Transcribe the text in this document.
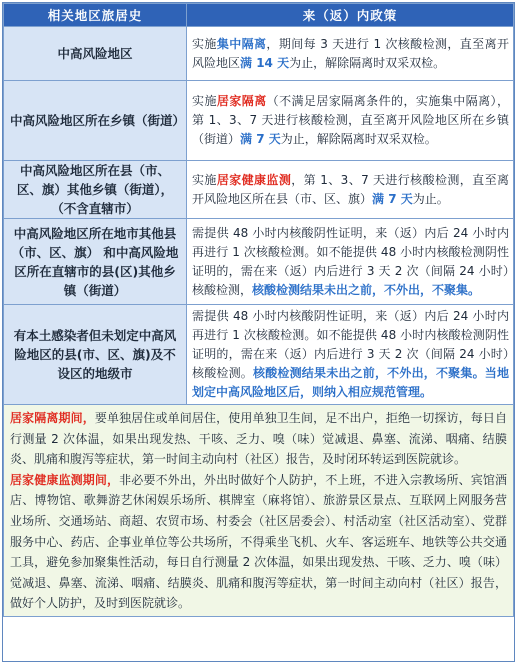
相关地区旅居史	来（返）内政策
中高风险地区	实施集中隔离，期间每 3 天进行 1 次核酸检测，直至离开风险地区满 14 天为止，解除隔离时双采双检。
中高风险地区所在乡镇（街道）	实施居家隔离（不满足居家隔离条件的，实施集中隔离），第 1、3、7 天进行核酸检测，直至离开风险地区所在乡镇（街道）满 7 天为止，解除隔离时双采双检。
中高风险地区所在县（市、区、旗）其他乡镇（街道），（不含直辖市）	实施居家健康监测，第 1、3、7 天进行核酸检测，直至离开风险地区所在县（市、区、旗）满 7 天为止。
中高风险地区所在地市其他县（市、区、旗） 和中高风险地区所在直辖市的县(区)其他乡镇（街道）	需提供 48 小时内核酸阴性证明，来（返）内后 24 小时内再进行 1 次核酸检测。如不能提供 48 小时内核酸检测阴性证明的，需在来（返）内后进行 3 天 2 次（间隔 24 小时）核酸检测，核酸检测结果未出之前，不外出，不聚集。
有本土感染者但未划定中高风险地区的县(市、区、旗)及不设区的地级市	需提供 48 小时内核酸阴性证明，来（返）内后 24 小时内再进行 1 次核酸检测。如不能提供 48 小时内核酸检测阴性证明的，需在来（返）内后进行 3 天 2 次（间隔 24 小时）核酸检测。核酸检测结果未出之前，不外出，不聚集。当地划定中高风险地区后，则纳入相应规范管理。

居家隔离期间，要单独居住或单间居住，使用单独卫生间，足不出户，拒绝一切探访，每日自行测量 2 次体温，如果出现发热、干咳、乏力、嗅（味）觉减退、鼻塞、流涕、咽痛、结膜炎、肌痛和腹泻等症状，第一时间主动向村（社区）报告，及时闭环转运到医院就诊。

居家健康监测期间，非必要不外出，外出时做好个人防护，不上班，不进入宗教场所、宾馆酒店、博物馆、歌舞游艺休闲娱乐场所、棋牌室（麻将馆）、旅游景区景点、互联网上网服务营业场所、交通场站、商超、农贸市场、村委会（社区居委会）、村活动室（社区活动室）、党群服务中心、药店、企事业单位等公共场所，不得乘坐飞机、火车、客运班车、地铁等公共交通工具，避免参加聚集性活动，每日自行测量 2 次体温，如果出现发热、干咳、乏力、嗅（味）觉减退、鼻塞、流涕、咽痛、结膜炎、肌痛和腹泻等症状，第一时间主动向村（社区）报告，做好个人防护，及时到医院就诊。	
